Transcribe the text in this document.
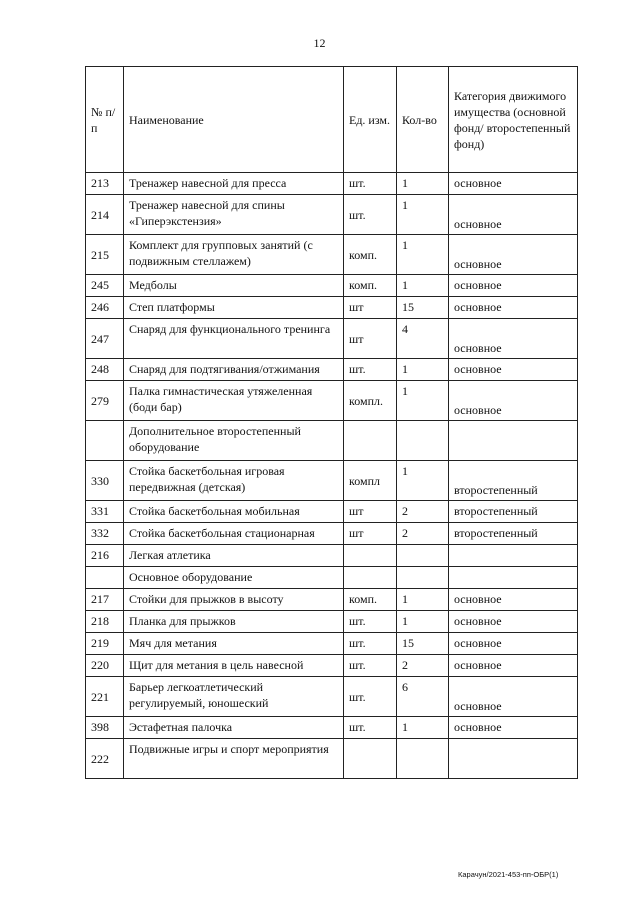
12
№ п/п	Наименование	Ед. изм.	Кол-во	Категория движимого имущества (основной фонд/ второстепенный фонд)
213	Тренажер навесной для пресса	шт.	1	основное
214	Тренажер навесной для спины «Гиперэкстензия»	шт.	1	основное
215	Комплект для групповых занятий (с подвижным стеллажем)	комп.	1	основное
245	Медболы	комп.	1	основное
246	Степ платформы	шт	15	основное
247	Снаряд для функционального тренинга	шт	4	основное
248	Снаряд для подтягивания/отжимания	шт.	1	основное
279	Палка гимнастическая утяжеленная (боди бар)	компл.	1	основное
	Дополнительное второстепенный оборудование			
330	Стойка баскетбольная игровая передвижная (детская)	компл	1	второстепенный
331	Стойка баскетбольная мобильная	шт	2	второстепенный
332	Стойка баскетбольная стационарная	шт	2	второстепенный
216	Легкая атлетика			
	Основное оборудование			
217	Стойки для прыжков в высоту	комп.	1	основное
218	Планка для прыжков	шт.	1	основное
219	Мяч для метания	шт.	15	основное
220	Щит для метания в цель навесной	шт.	2	основное
221	Барьер легкоатлетический регулируемый, юношеский	шт.	6	основное
398	Эстафетная палочка	шт.	1	основное
222	Подвижные игры и спорт мероприятия			
Карачун/2021-453-пп-ОБР(1)
